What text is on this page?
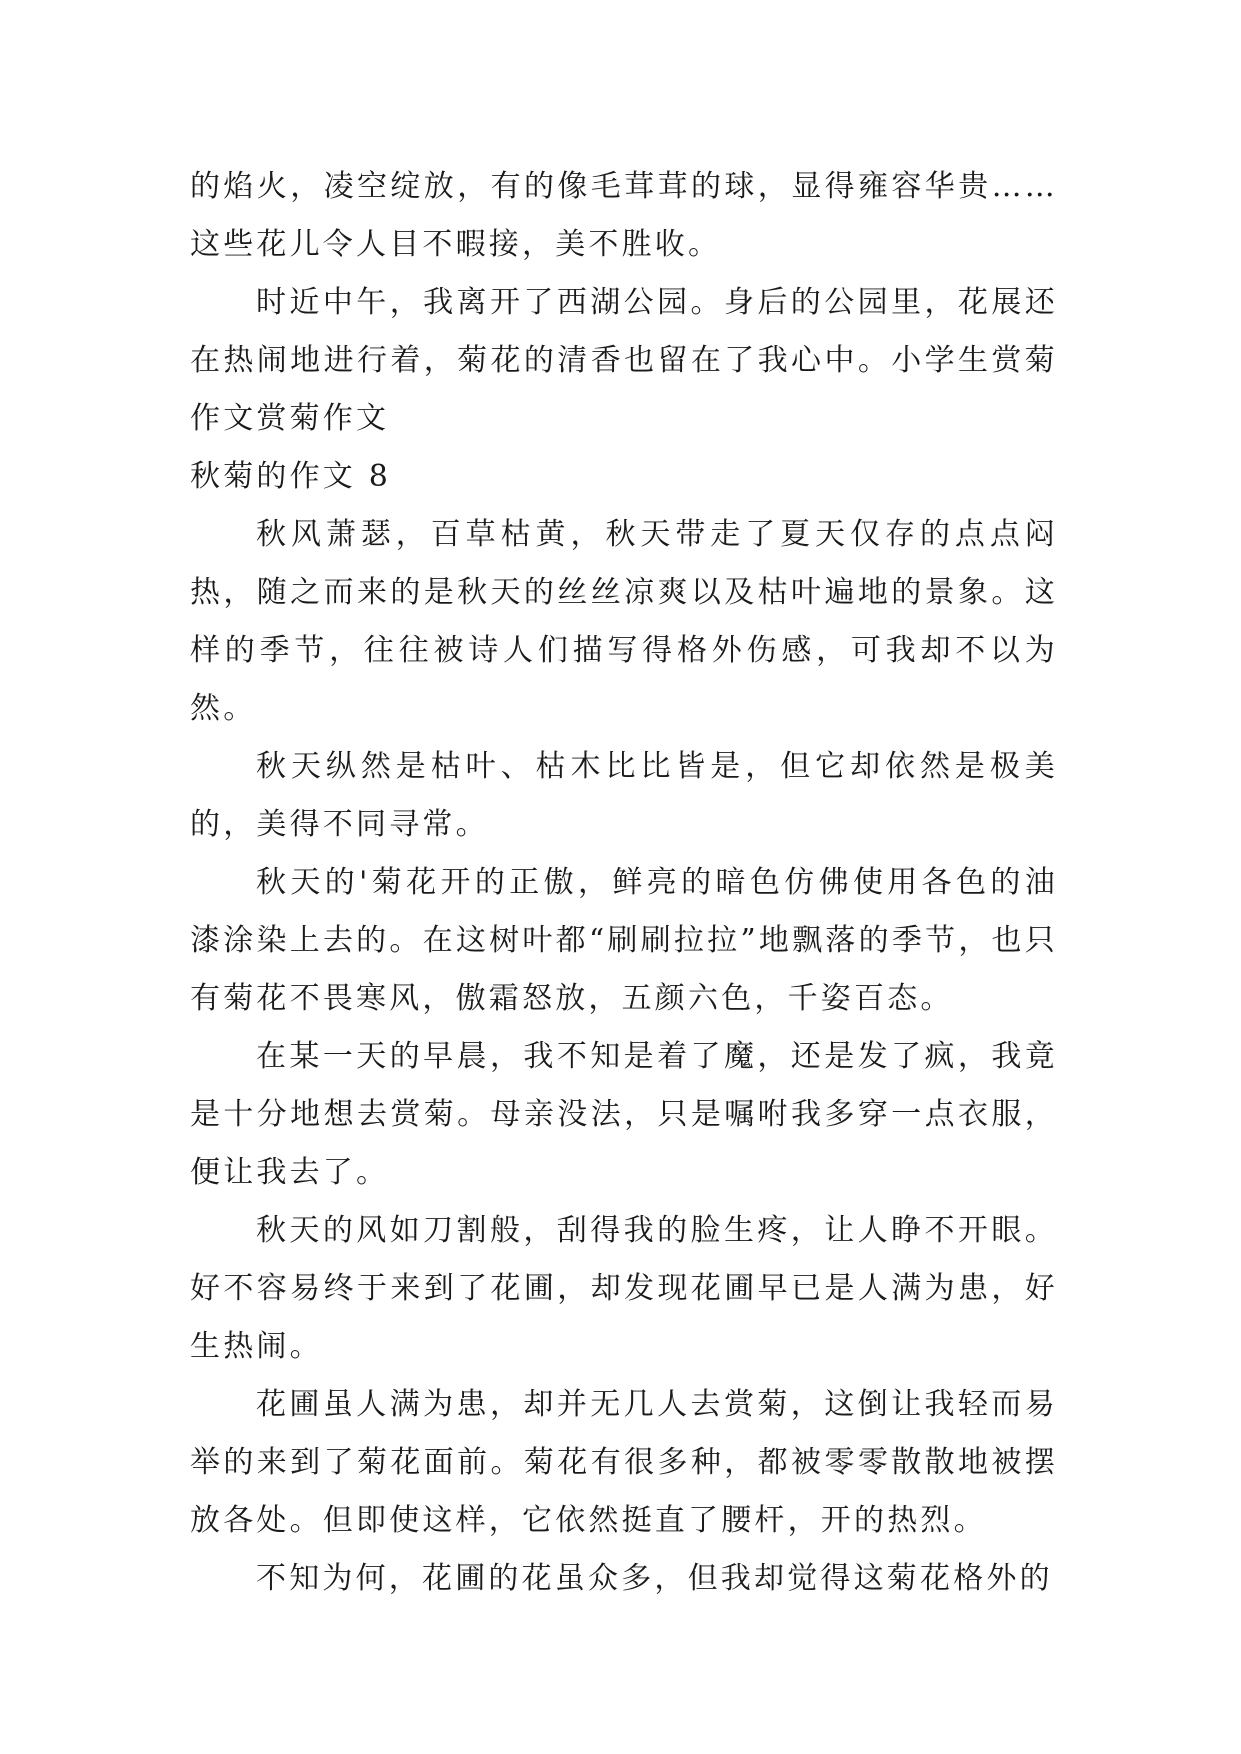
的焰火，凌空绽放，有的像毛茸茸的球，显得雍容华贵……这些花儿令人目不暇接，美不胜收。

时近中午，我离开了西湖公园。身后的公园里，花展还在热闹地进行着，菊花的清香也留在了我心中。小学生赏菊作文赏菊作文

秋菊的作文 8

秋风萧瑟，百草枯黄，秋天带走了夏天仅存的点点闷热，随之而来的是秋天的丝丝凉爽以及枯叶遍地的景象。这样的季节，往往被诗人们描写得格外伤感，可我却不以为然。

秋天纵然是枯叶、枯木比比皆是，但它却依然是极美的，美得不同寻常。

秋天的'菊花开的正傲，鲜亮的暗色仿佛使用各色的油漆涂染上去的。在这树叶都“刷刷拉拉”地飘落的季节，也只有菊花不畏寒风，傲霜怒放，五颜六色，千姿百态。

在某一天的早晨，我不知是着了魔，还是发了疯，我竟是十分地想去赏菊。母亲没法，只是嘱咐我多穿一点衣服，便让我去了。

秋天的风如刀割般，刮得我的脸生疼，让人睁不开眼。好不容易终于来到了花圃，却发现花圃早已是人满为患，好生热闹。

花圃虽人满为患，却并无几人去赏菊，这倒让我轻而易举的来到了菊花面前。菊花有很多种，都被零零散散地被摆放各处。但即使这样，它依然挺直了腰杆，开的热烈。

不知为何，花圃的花虽众多，但我却觉得这菊花格外的
